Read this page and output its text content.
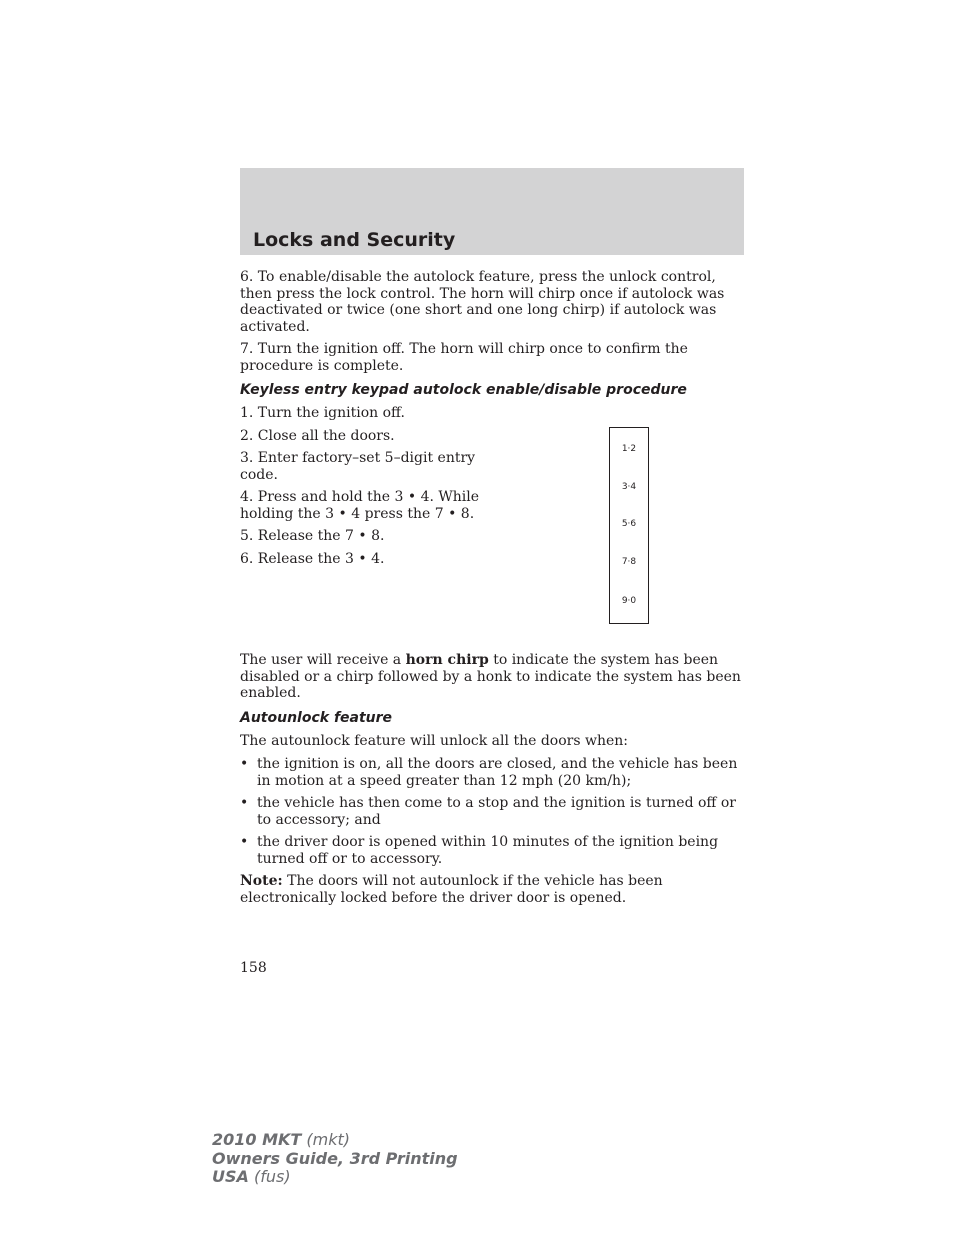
Locks and Security

6. To enable/disable the autolock feature, press the unlock control, then press the lock control. The horn will chirp once if autolock was deactivated or twice (one short and one long chirp) if autolock was activated.

7. Turn the ignition off. The horn will chirp once to confirm the procedure is complete.

Keyless entry keypad autolock enable/disable procedure

1. Turn the ignition off.

2. Close all the doors.

3. Enter factory–set 5–digit entry code.

4. Press and hold the 3 • 4. While holding the 3 • 4 press the 7 • 8.

5. Release the 7 • 8.

6. Release the 3 • 4.

1·2
3·4
5·6
7·8
9·0

The user will receive a horn chirp to indicate the system has been disabled or a chirp followed by a honk to indicate the system has been enabled.

Autounlock feature

The autounlock feature will unlock all the doors when:

• the ignition is on, all the doors are closed, and the vehicle has been in motion at a speed greater than 12 mph (20 km/h);
• the vehicle has then come to a stop and the ignition is turned off or to accessory; and
• the driver door is opened within 10 minutes of the ignition being turned off or to accessory.

Note: The doors will not autounlock if the vehicle has been electronically locked before the driver door is opened.

158

2010 MKT (mkt)
Owners Guide, 3rd Printing
USA (fus)
